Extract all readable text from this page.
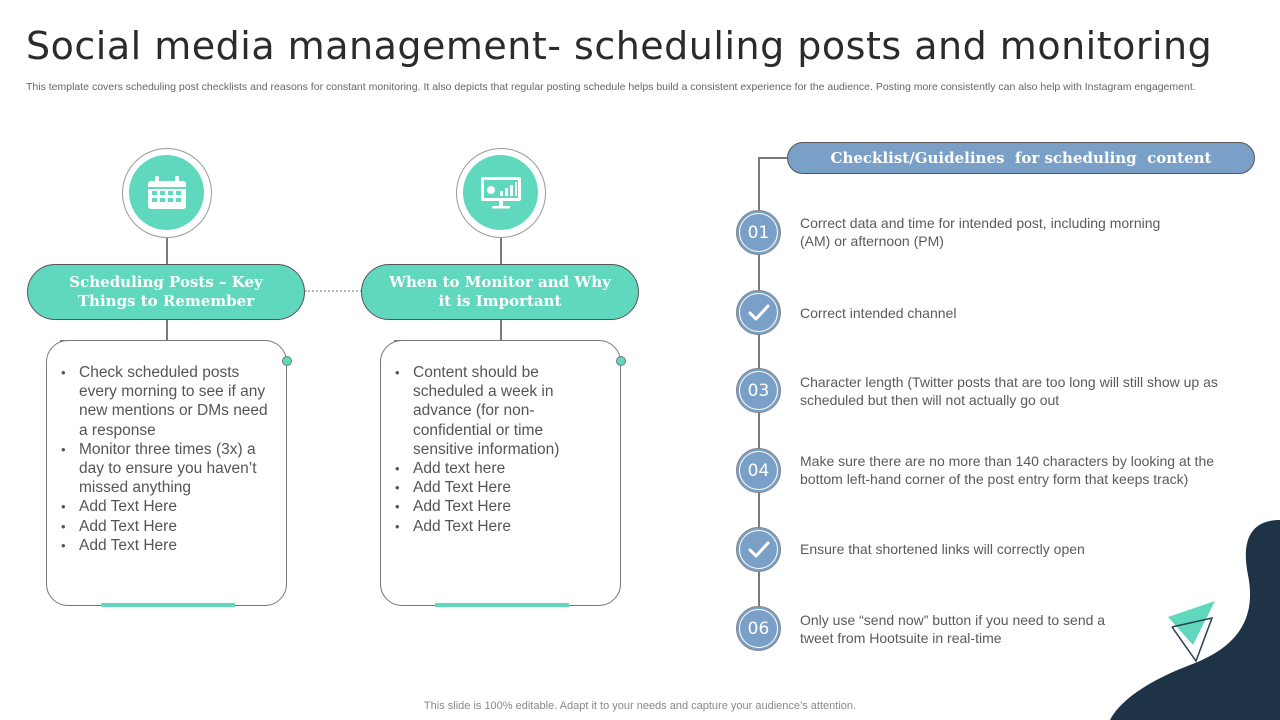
Social media management- scheduling posts and monitoring
This template covers scheduling post checklists and reasons for constant monitoring. It also depicts that regular posting schedule helps build a consistent experience for the audience. Posting more consistently can also help with Instagram engagement.
Scheduling Posts – Key Things to Remember
• Check scheduled posts every morning to see if any new mentions or DMs need a response
• Monitor three times (3x) a day to ensure you haven’t missed anything
• Add Text Here
• Add Text Here
• Add Text Here
When to Monitor and Why it is Important
• Content should be scheduled a week in advance (for non-confidential or time sensitive information)
• Add text here
• Add Text Here
• Add Text Here
• Add Text Here
Checklist/Guidelines  for scheduling  content
01 Correct data and time for intended post, including morning (AM) or afternoon (PM)
Correct intended channel
03 Character length (Twitter posts that are too long will still show up as scheduled but then will not actually go out
04 Make sure there are no more than 140 characters by looking at the bottom left-hand corner of the post entry form that keeps track)
Ensure that shortened links will correctly open
06 Only use “send now” button if you need to send a tweet from Hootsuite in real-time
This slide is 100% editable. Adapt it to your needs and capture your audience’s attention.
